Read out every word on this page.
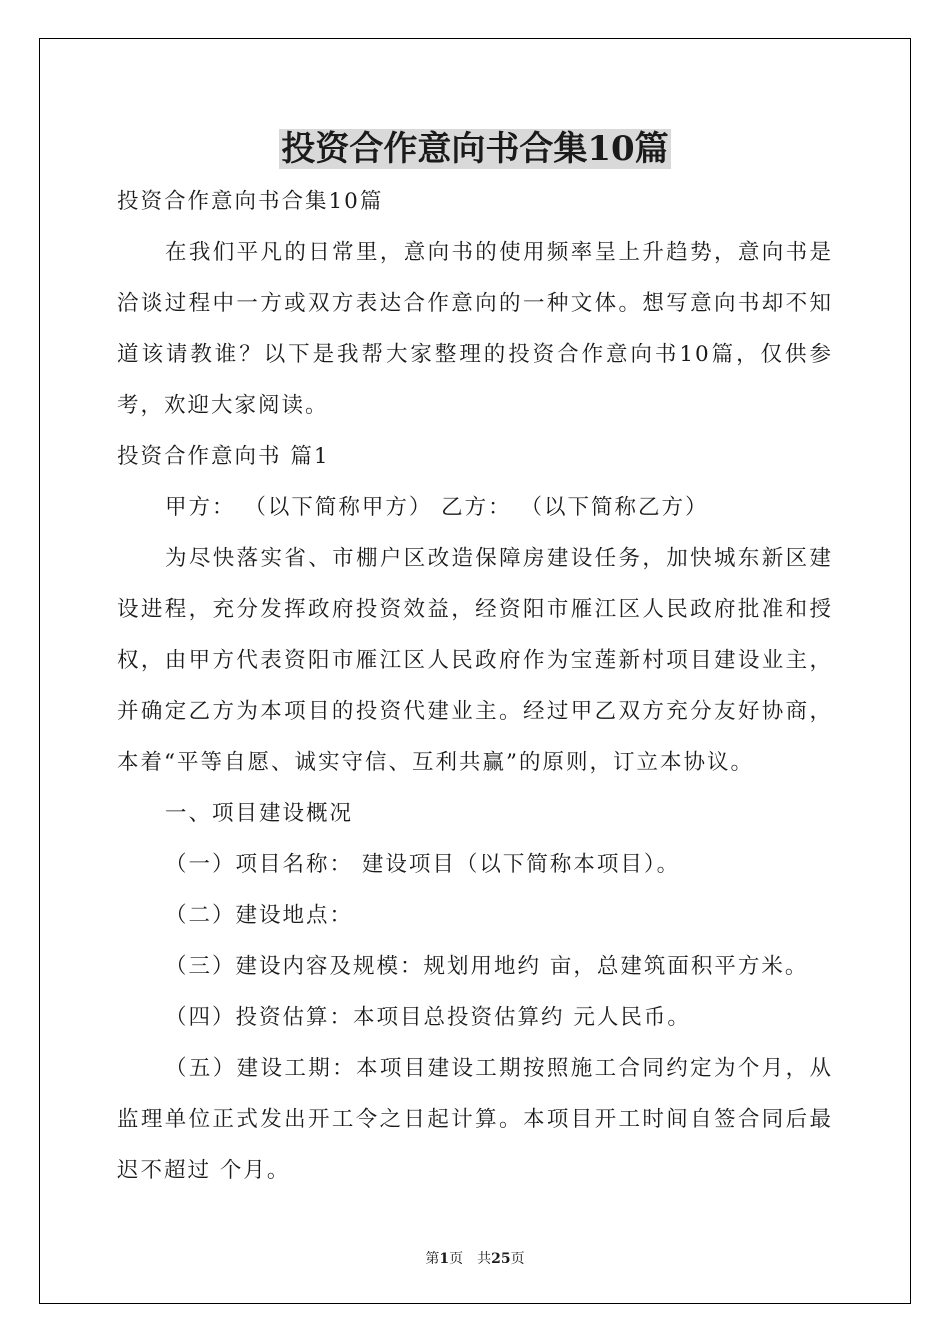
投资合作意向书合集10篇

投资合作意向书合集10篇

在我们平凡的日常里，意向书的使用频率呈上升趋势，意向书是洽谈过程中一方或双方表达合作意向的一种文体。想写意向书却不知道该请教谁？以下是我帮大家整理的投资合作意向书10篇，仅供参考，欢迎大家阅读。

投资合作意向书 篇1

甲方： （以下简称甲方） 乙方： （以下简称乙方）

为尽快落实省、市棚户区改造保障房建设任务，加快城东新区建设进程，充分发挥政府投资效益，经资阳市雁江区人民政府批准和授权，由甲方代表资阳市雁江区人民政府作为宝莲新村项目建设业主，并确定乙方为本项目的投资代建业主。经过甲乙双方充分友好协商，本着“平等自愿、诚实守信、互利共赢”的原则，订立本协议。

一、项目建设概况

（一）项目名称： 建设项目（以下简称本项目）。

（二）建设地点：

（三）建设内容及规模：规划用地约 亩，总建筑面积平方米。

（四）投资估算：本项目总投资估算约 元人民币。

（五）建设工期：本项目建设工期按照施工合同约定为个月，从监理单位正式发出开工令之日起计算。本项目开工时间自签合同后最迟不超过 个月。

第1页　共25页
